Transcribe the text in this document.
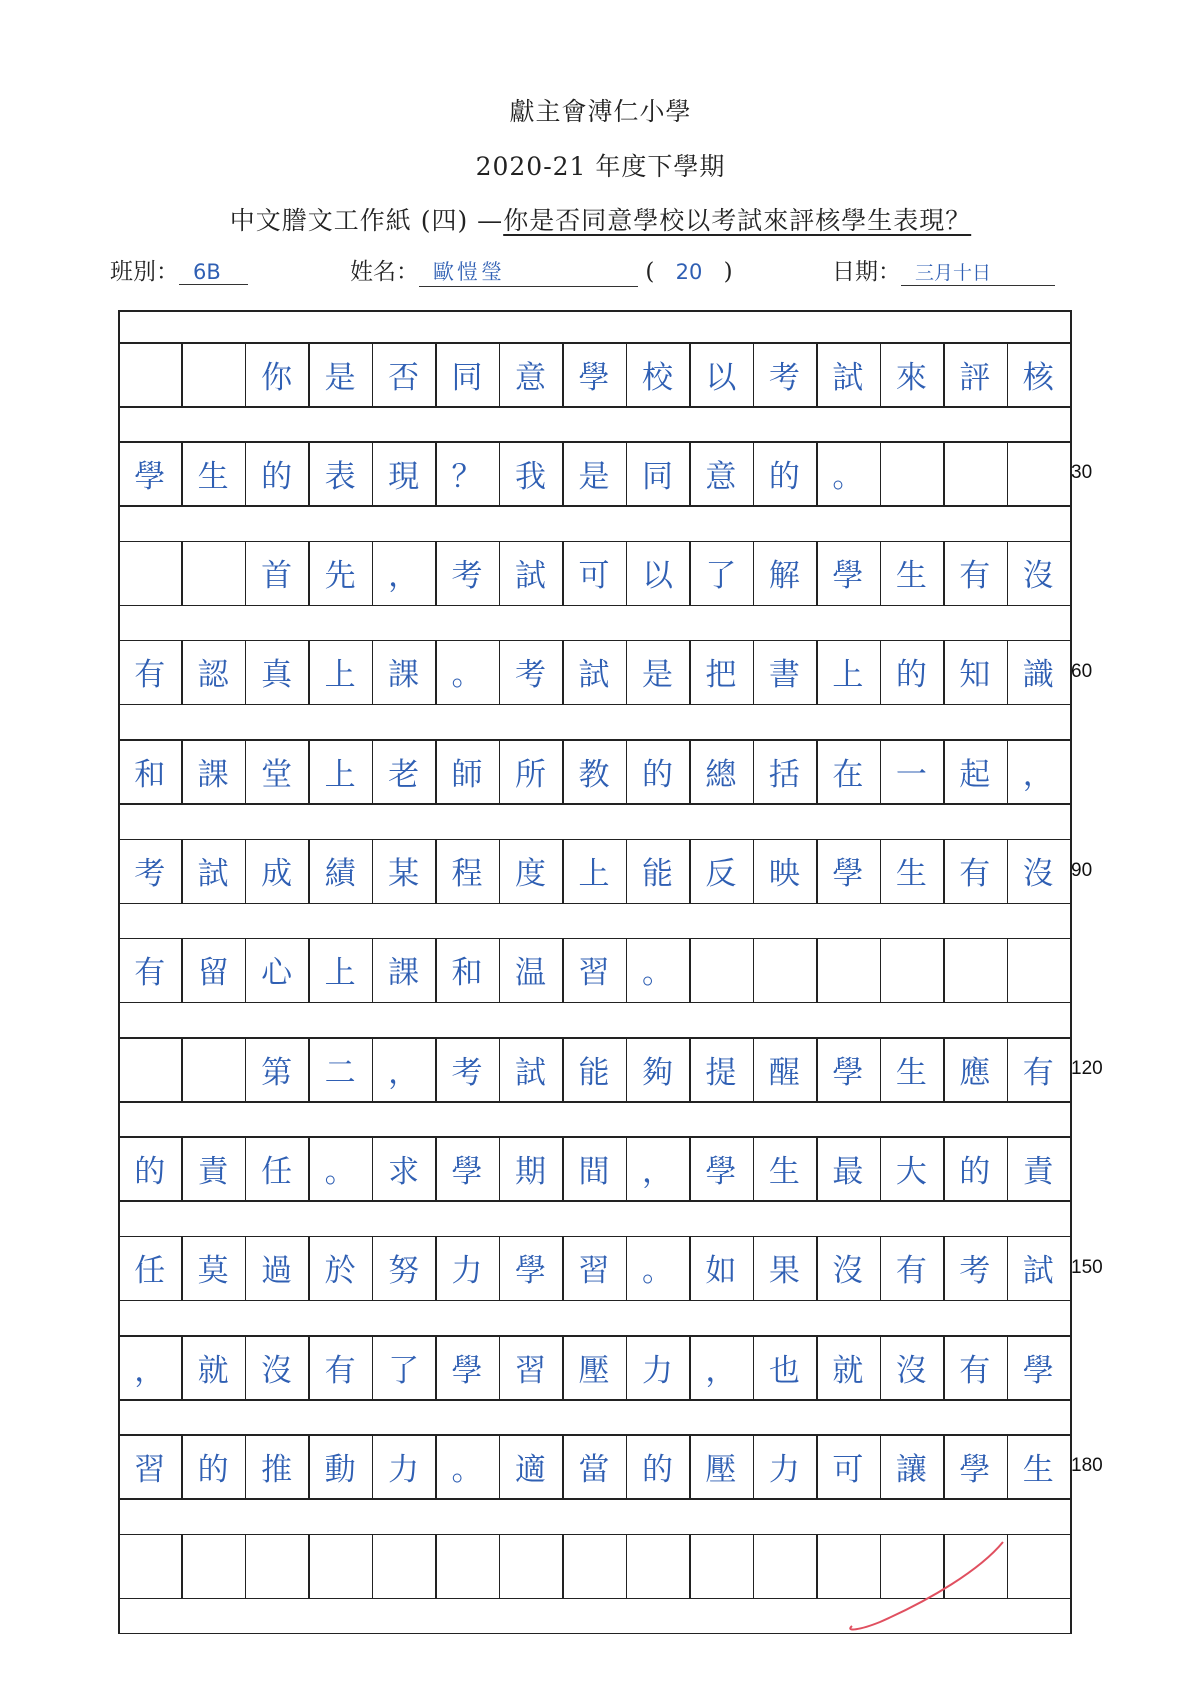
獻主會溥仁小學
2020-21 年度下學期
中文謄文工作紙 (四) —你是否同意學校以考試來評核學生表現？
班別： 6B	姓名： 歐愷瑩	( 20 )	日期： 三月十日
你	是	否	同	意	學	校	以	考	試	來	評	核
學	生	的	表	現	？	我	是	同	意	的	。
首	先	，	考	試	可	以	了	解	學	生	有	沒
有	認	真	上	課	。	考	試	是	把	書	上	的	知	識
和	課	堂	上	老	師	所	教	的	總	括	在	一	起	，
考	試	成	績	某	程	度	上	能	反	映	學	生	有	沒
有	留	心	上	課	和	温	習	。
第	二	，	考	試	能	夠	提	醒	學	生	應	有
的	責	任	。	求	學	期	間	，	學	生	最	大	的	責
任	莫	過	於	努	力	學	習	。	如	果	沒	有	考	試
，	就	沒	有	了	學	習	壓	力	，	也	就	沒	有	學
習	的	推	動	力	。	適	當	的	壓	力	可	讓	學	生
30
60
90
120
150
180
